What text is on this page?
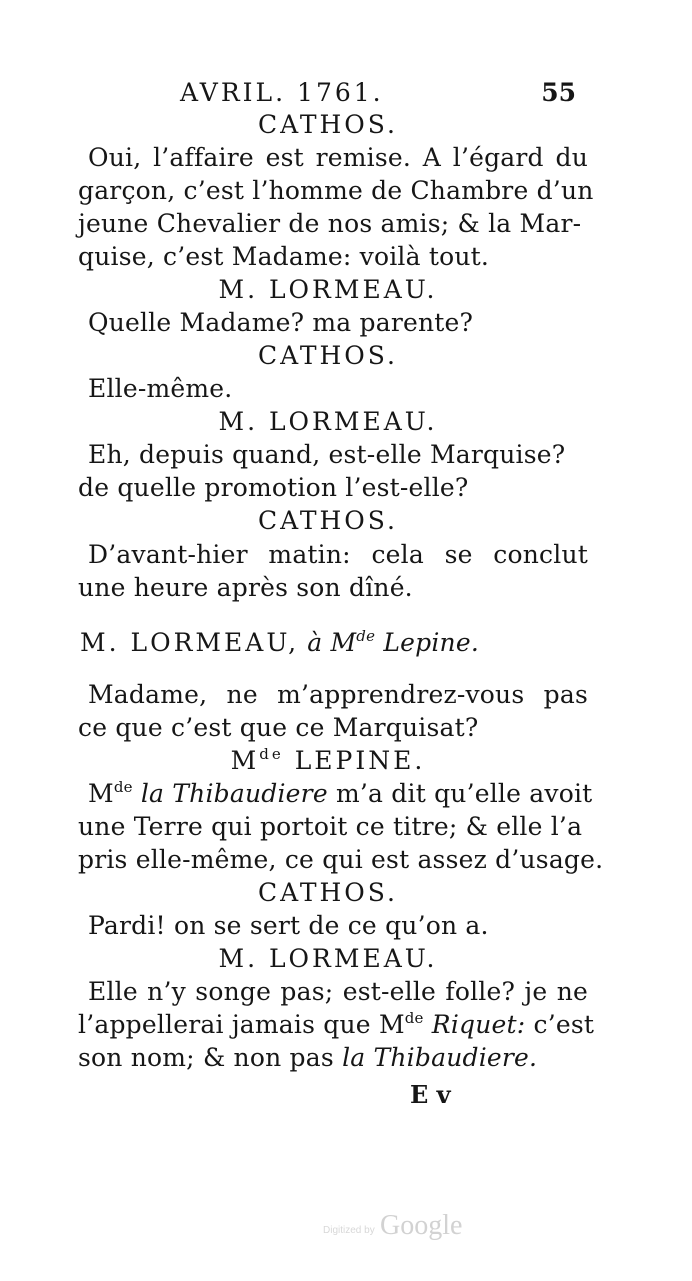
AVRIL. 1761.	55
CATHOS.
Oui, l’affaire est remise. A l’égard du
garçon, c’est l’homme de Chambre d’un
jeune Chevalier de nos amis; & la Mar-
quise, c’est Madame: voilà tout.
M. LORMEAU.
Quelle Madame? ma parente?
CATHOS.
Elle-même.
M. LORMEAU.
Eh, depuis quand, est-elle Marquise?
de quelle promotion l’est-elle?
CATHOS.
D’avant-hier matin: cela se conclut
une heure après son dîné.
M. LORMEAU, à Mde Lepine.
Madame, ne m’apprendrez-vous pas
ce que c’est que ce Marquisat?
Mde LEPINE.
Mde la Thibaudiere m’a dit qu’elle avoit
une Terre qui portoit ce titre; & elle l’a
pris elle-même, ce qui est assez d’usage.
CATHOS.
Pardi! on se sert de ce qu’on a.
M. LORMEAU.
Elle n’y songe pas; est-elle folle? je ne
l’appellerai jamais que Mde Riquet: c’est
son nom; & non pas la Thibaudiere.
E v
Digitized by Google
